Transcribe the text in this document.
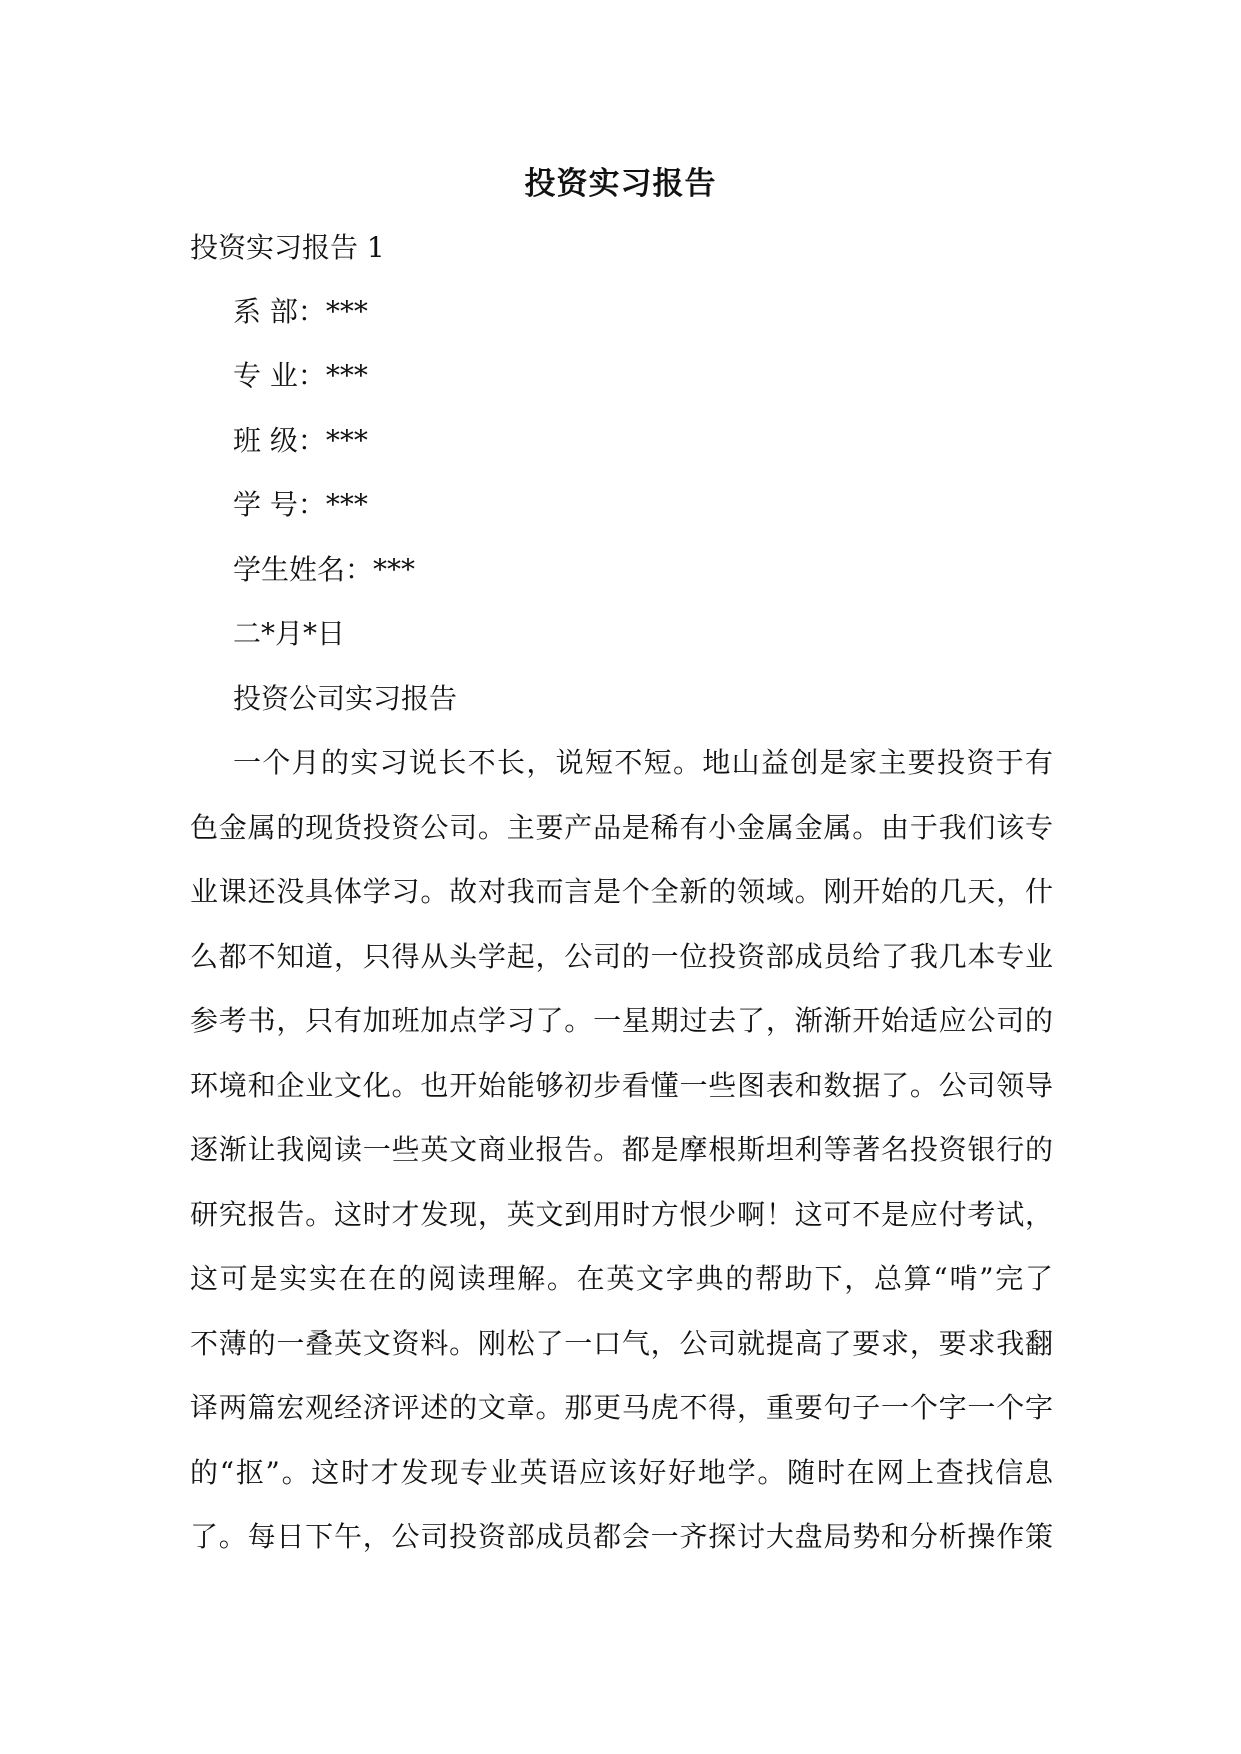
投资实习报告
投资实习报告 1
系 部：***
专 业：***
班 级：***
学 号：***
学生姓名：***
二*月*日
投资公司实习报告
一个月的实习说长不长，说短不短。地山益创是家主要投资于有
色金属的现货投资公司。主要产品是稀有小金属金属。由于我们该专
业课还没具体学习。故对我而言是个全新的领域。刚开始的几天，什
么都不知道，只得从头学起，公司的一位投资部成员给了我几本专业
参考书，只有加班加点学习了。一星期过去了，渐渐开始适应公司的
环境和企业文化。也开始能够初步看懂一些图表和数据了。公司领导
逐渐让我阅读一些英文商业报告。都是摩根斯坦利等著名投资银行的
研究报告。这时才发现，英文到用时方恨少啊！这可不是应付考试，
这可是实实在在的阅读理解。在英文字典的帮助下，总算“啃”完了
不薄的一叠英文资料。刚松了一口气，公司就提高了要求，要求我翻
译两篇宏观经济评述的文章。那更马虎不得，重要句子一个字一个字
的“抠”。这时才发现专业英语应该好好地学。随时在网上查找信息
了。每日下午，公司投资部成员都会一齐探讨大盘局势和分析操作策
